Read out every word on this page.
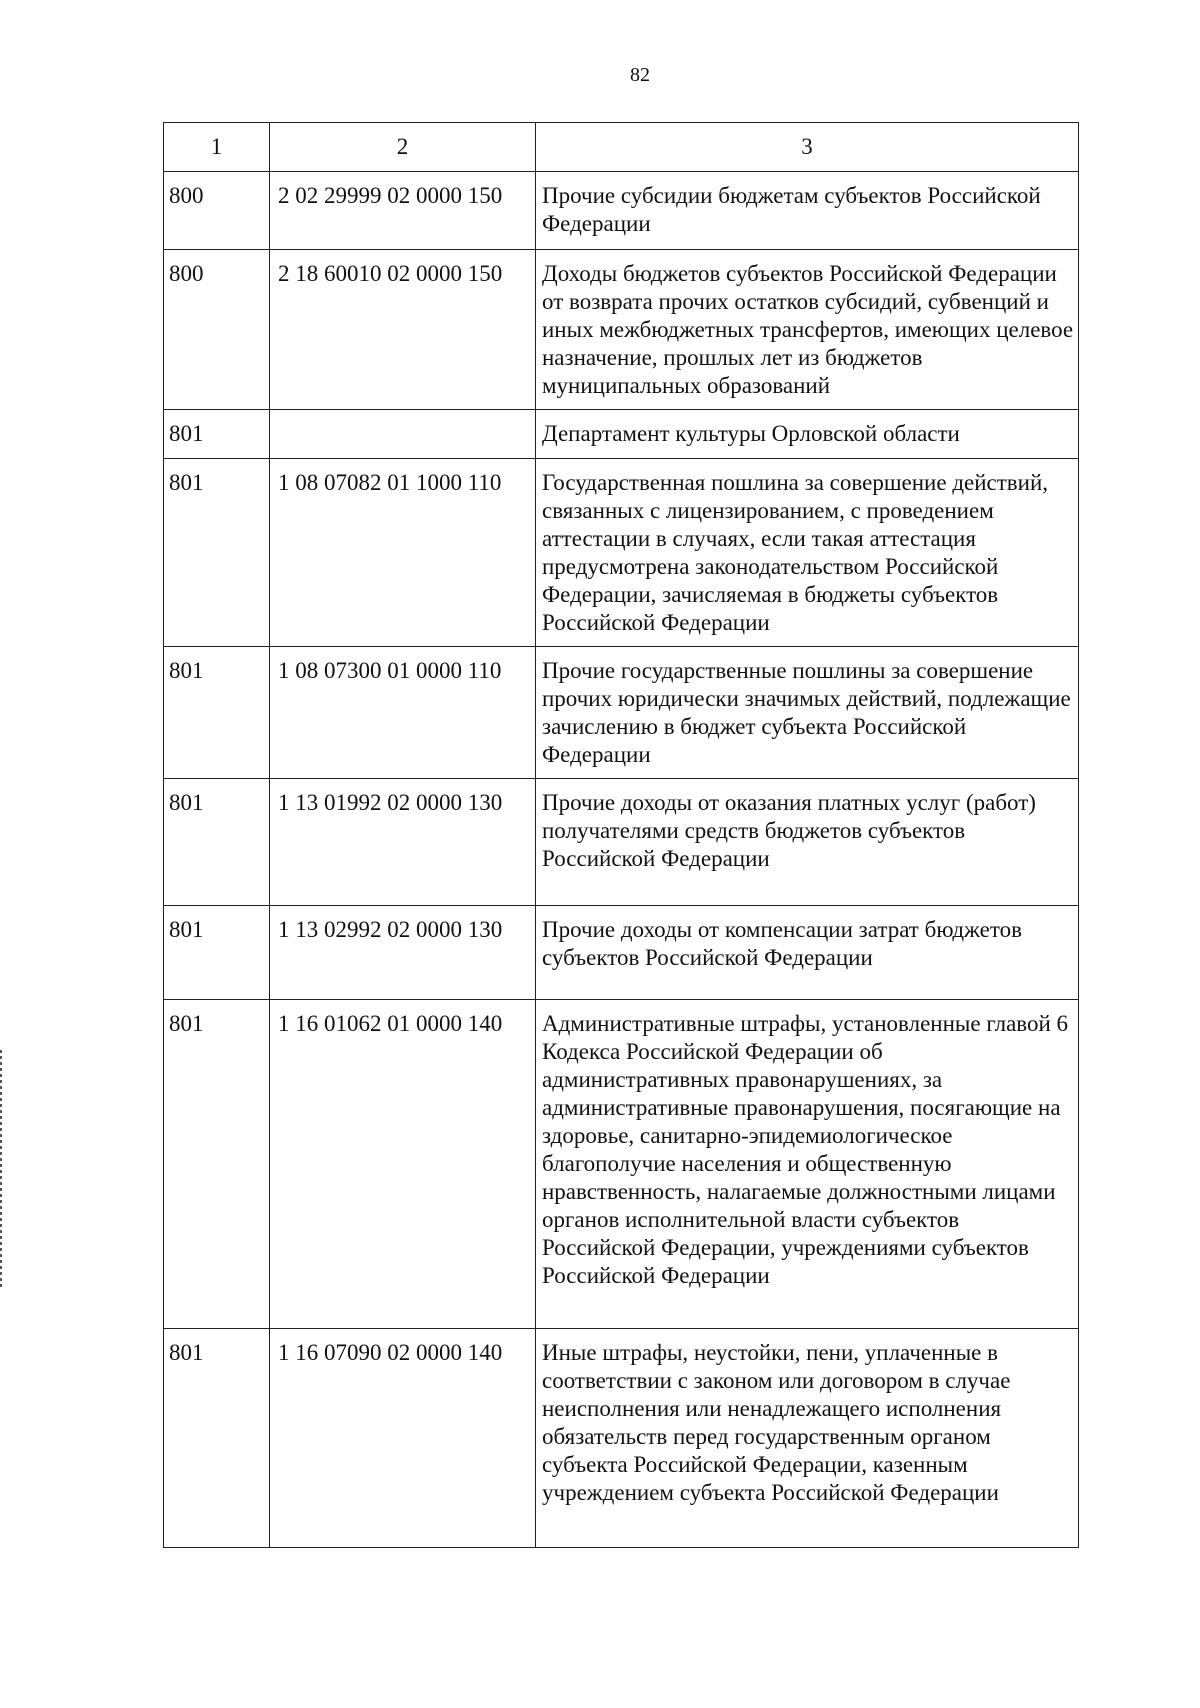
82
1	2	3
800	2 02 29999 02 0000 150	Прочие субсидии бюджетам субъектов Российской Федерации
800	2 18 60010 02 0000 150	Доходы бюджетов субъектов Российской Федерации от возврата прочих остатков субсидий, субвенций и иных межбюджетных трансфертов, имеющих целевое назначение, прошлых лет из бюджетов муниципальных образований
801		Департамент культуры Орловской области
801	1 08 07082 01 1000 110	Государственная пошлина за совершение действий, связанных с лицензированием, с проведением аттестации в случаях, если такая аттестация предусмотрена законодательством Российской Федерации, зачисляемая в бюджеты субъектов Российской Федерации
801	1 08 07300 01 0000 110	Прочие государственные пошлины за совершение прочих юридически значимых действий, подлежащие зачислению в бюджет субъекта Российской Федерации
801	1 13 01992 02 0000 130	Прочие доходы от оказания платных услуг (работ) получателями средств бюджетов субъектов Российской Федерации
801	1 13 02992 02 0000 130	Прочие доходы от компенсации затрат бюджетов субъектов Российской Федерации
801	1 16 01062 01 0000 140	Административные штрафы, установленные главой 6 Кодекса Российской Федерации об административных правонарушениях, за административные правонарушения, посягающие на здоровье, санитарно-эпидемиологическое благополучие населения и общественную нравственность, налагаемые должностными лицами органов исполнительной власти субъектов Российской Федерации, учреждениями субъектов Российской Федерации
801	1 16 07090 02 0000 140	Иные штрафы, неустойки, пени, уплаченные в соответствии с законом или договором в случае неисполнения или ненадлежащего исполнения обязательств перед государственным органом субъекта Российской Федерации, казенным учреждением субъекта Российской Федерации
